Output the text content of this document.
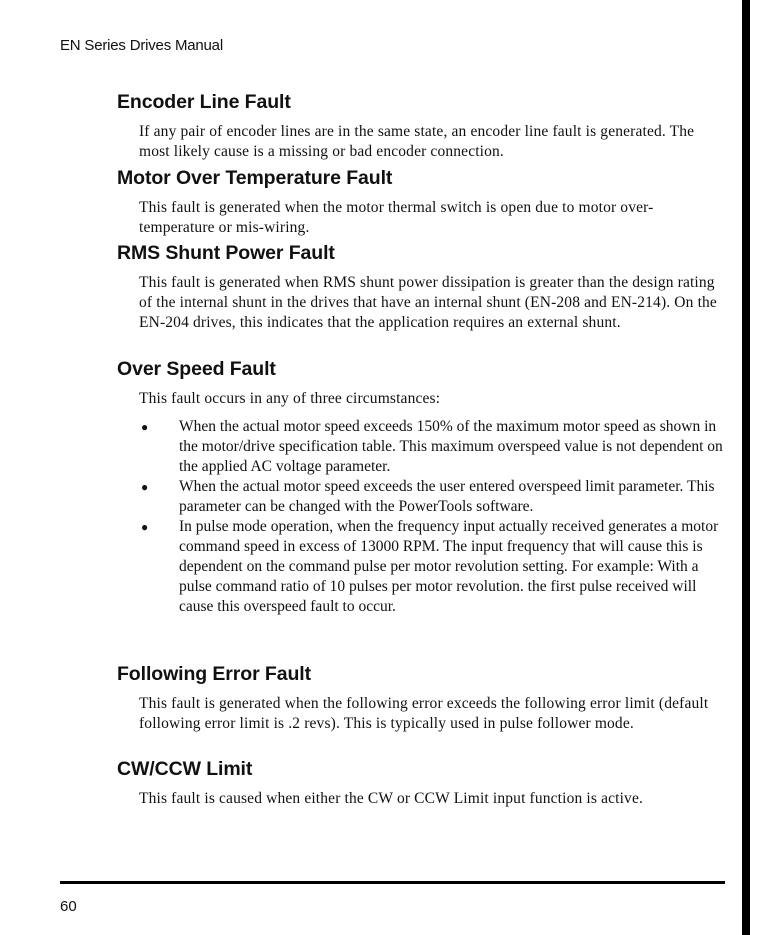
EN Series Drives Manual
Encoder Line Fault

If any pair of encoder lines are in the same state, an encoder line fault is generated. The most likely cause is a missing or bad encoder connection.

Motor Over Temperature Fault

This fault is generated when the motor thermal switch is open due to motor over-temperature or mis-wiring.

RMS Shunt Power Fault

This fault is generated when RMS shunt power dissipation is greater than the design rating of the internal shunt in the drives that have an internal shunt (EN-208 and EN-214). On the EN-204 drives, this indicates that the application requires an external shunt.

Over Speed Fault

This fault occurs in any of three circumstances:

● When the actual motor speed exceeds 150% of the maximum motor speed as shown in the motor/drive specification table. This maximum overspeed value is not dependent on the applied AC voltage parameter.
● When the actual motor speed exceeds the user entered overspeed limit parameter. This parameter can be changed with the PowerTools software.
● In pulse mode operation, when the frequency input actually received generates a motor command speed in excess of 13000 RPM. The input frequency that will cause this is dependent on the command pulse per motor revolution setting. For example: With a pulse command ratio of 10 pulses per motor revolution. the first pulse received will cause this overspeed fault to occur.
Following Error Fault

This fault is generated when the following error exceeds the following error limit (default following error limit is .2 revs). This is typically used in pulse follower mode.

CW/CCW Limit

This fault is caused when either the CW or CCW Limit input function is active.

60
